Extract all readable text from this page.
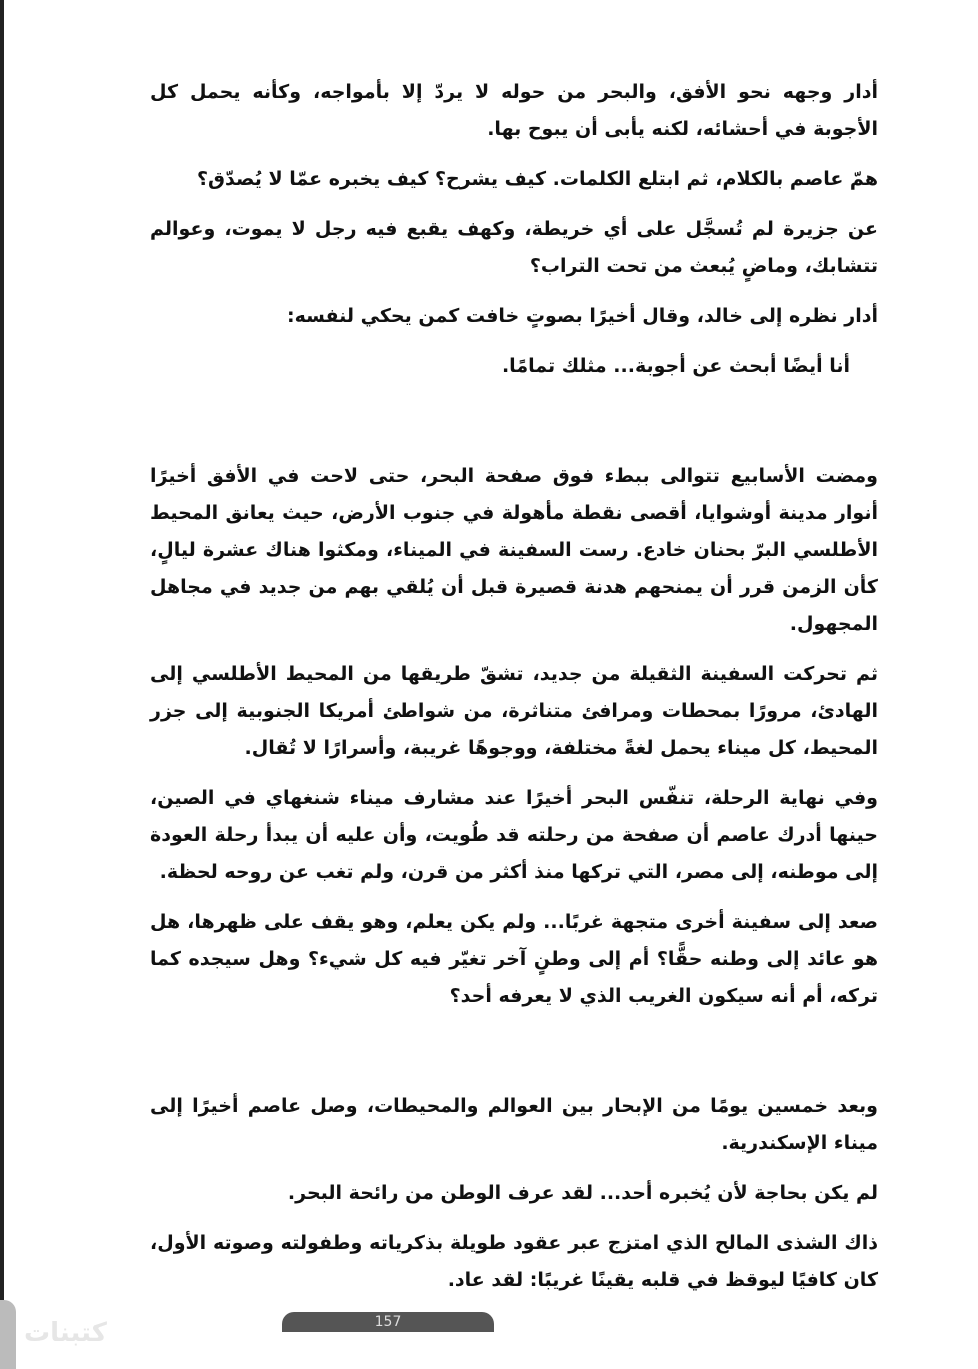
كتبنات

أدار وجهه نحو الأفق، والبحر من حوله لا يردّ إلا بأمواجه، وكأنه يحمل كل الأجوبة في أحشائه، لكنه يأبى أن يبوح بها.

همّ عاصم بالكلام، ثم ابتلع الكلمات. كيف يشرح؟ كيف يخبره عمّا لا يُصدّق؟

عن جزيرة لم تُسجَّل على أي خريطة، وكهف يقبع فيه رجل لا يموت، وعوالم تتشابك، وماضٍ يُبعث من تحت التراب؟

أدار نظره إلى خالد، وقال أخيرًا بصوتٍ خافت كمن يحكي لنفسه:

أنا أيضًا أبحث عن أجوبة... مثلك تمامًا.

ومضت الأسابيع تتوالى ببطء فوق صفحة البحر، حتى لاحت في الأفق أخيرًا أنوار مدينة أوشوايا، أقصى نقطة مأهولة في جنوب الأرض، حيث يعانق المحيط الأطلسي البرّ بحنان خادع. رست السفينة في الميناء، ومكثوا هناك عشرة ليالٍ، كأن الزمن قرر أن يمنحهم هدنة قصيرة قبل أن يُلقي بهم من جديد في مجاهل المجهول.

ثم تحركت السفينة الثقيلة من جديد، تشقّ طريقها من المحيط الأطلسي إلى الهادئ، مرورًا بمحطات ومرافئ متناثرة، من شواطئ أمريكا الجنوبية إلى جزر المحيط، كل ميناء يحمل لغةً مختلفة، ووجوهًا غريبة، وأسرارًا لا تُقال.

وفي نهاية الرحلة، تنفّس البحر أخيرًا عند مشارف ميناء شنغهاي في الصين، حينها أدرك عاصم أن صفحة من رحلته قد طُويت، وأن عليه أن يبدأ رحلة العودة إلى موطنه، إلى مصر، التي تركها منذ أكثر من قرن، ولم تغب عن روحه لحظة.

صعد إلى سفينة أخرى متجهة غربًا... ولم يكن يعلم، وهو يقف على ظهرها، هل هو عائد إلى وطنه حقًّا؟ أم إلى وطنٍ آخر تغيّر فيه كل شيء؟ وهل سيجده كما تركه، أم أنه سيكون الغريب الذي لا يعرفه أحد؟

وبعد خمسين يومًا من الإبحار بين العوالم والمحيطات، وصل عاصم أخيرًا إلى ميناء الإسكندرية.

لم يكن بحاجة لأن يُخبره أحد... لقد عرف الوطن من رائحة البحر.

ذاك الشذى المالح الذي امتزج عبر عقود طويلة بذكرياته وطفولته وصوته الأول، كان كافيًا ليوقظ في قلبه يقينًا غريبًا: لقد عاد.

157
